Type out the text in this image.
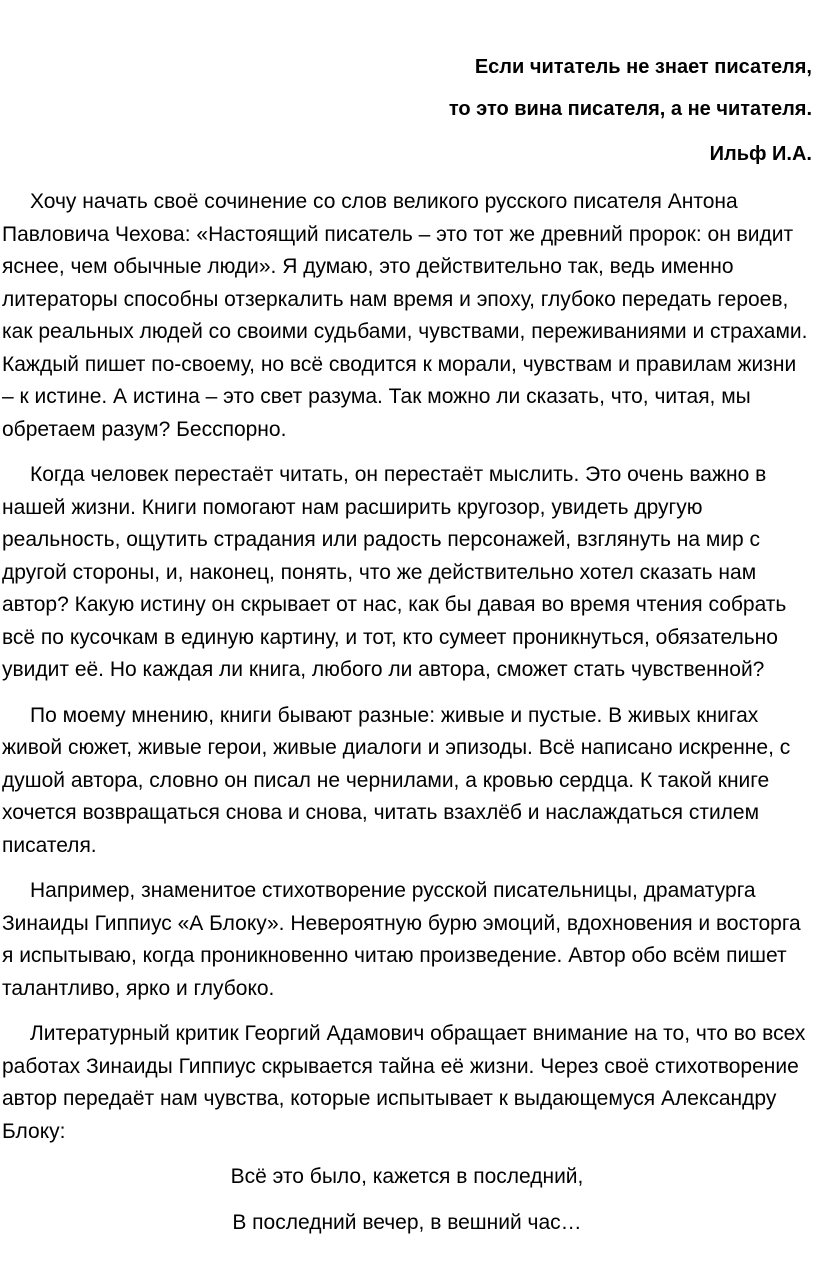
Если читатель не знает писателя,

то это вина писателя, а не читателя.

Ильф И.А.

Хочу начать своё сочинение со слов великого русского писателя Антона Павловича Чехова: «Настоящий писатель – это тот же древний пророк: он видит яснее, чем обычные люди». Я думаю, это действительно так, ведь именно литераторы способны отзеркалить нам время и эпоху, глубоко передать героев, как реальных людей со своими судьбами, чувствами, переживаниями и страхами. Каждый пишет по-своему, но всё сводится к морали, чувствам и правилам жизни – к истине. А истина – это свет разума. Так можно ли сказать, что, читая, мы обретаем разум? Бесспорно.

Когда человек перестаёт читать, он перестаёт мыслить. Это очень важно в нашей жизни. Книги помогают нам расширить кругозор, увидеть другую реальность, ощутить страдания или радость персонажей, взглянуть на мир с другой стороны, и, наконец, понять, что же действительно хотел сказать нам автор? Какую истину он скрывает от нас, как бы давая во время чтения собрать всё по кусочкам в единую картину, и тот, кто сумеет проникнуться, обязательно увидит её. Но каждая ли книга, любого ли автора, сможет стать чувственной?

По моему мнению, книги бывают разные: живые и пустые. В живых книгах живой сюжет, живые герои, живые диалоги и эпизоды. Всё написано искренне, с душой автора, словно он писал не чернилами, а кровью сердца. К такой книге хочется возвращаться снова и снова, читать взахлёб и наслаждаться стилем писателя.

Например, знаменитое стихотворение русской писательницы, драматурга Зинаиды Гиппиус «А Блоку». Невероятную бурю эмоций, вдохновения и восторга я испытываю, когда проникновенно читаю произведение. Автор обо всём пишет талантливо, ярко и глубоко.

Литературный критик Георгий Адамович обращает внимание на то, что во всех работах Зинаиды Гиппиус скрывается тайна её жизни. Через своё стихотворение автор передаёт нам чувства, которые испытывает к выдающемуся Александру Блоку:

Всё это было, кажется в последний,

В последний вечер, в вешний час…
